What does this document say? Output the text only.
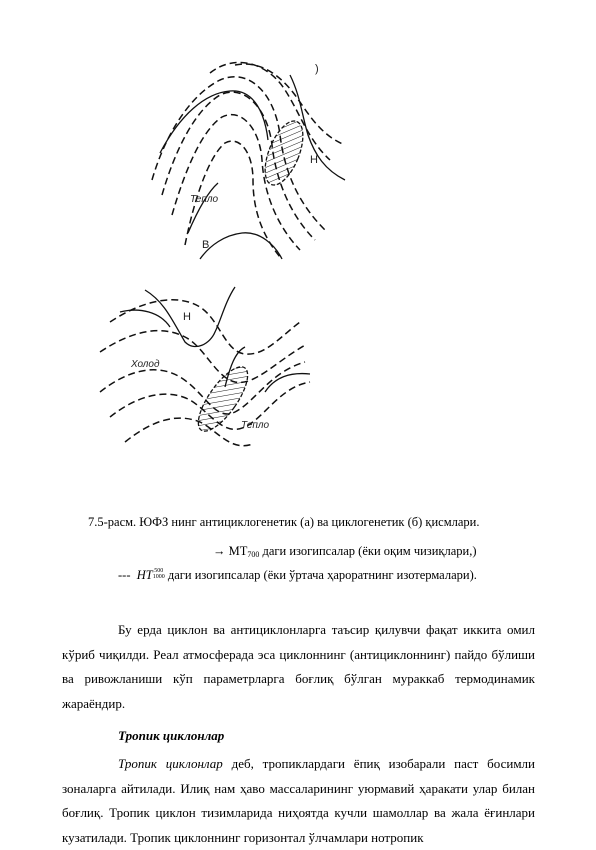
Тепло
Н
В
)
Холод
Тепло
Н
7.5-расм. ЮФЗ нинг антициклогенетик (а) ва циклогенетик (б) қисмлари.
→ $МТ_{700}$ даги изогипсалар (ёки оқим чизиқлари,)
--- НТ 500
1000 даги изогипсалар (ёки ўртача ҳароратнинг изотермалари).
Бу ерда циклон ва антициклонларга таъсир қилувчи фақат иккита омил кўриб чиқилди. Реал атмосферада эса циклоннинг (антициклоннинг) пайдо бўлиши ва ривожланиши кўп параметрларга боғлиқ бўлган мураккаб термодинамик жараёндир.
Тропик циклонлар
Тропик циклонлар деб, тропиклардаги ёпиқ изобарали паст босимли зоналарга айтилади. Илиқ нам ҳаво массаларининг уюрмавий ҳаракати улар билан боғлиқ. Тропик циклон тизимларида ниҳоятда кучли шамоллар ва жала ёғинлари кузатилади. Тропик циклоннинг горизонтал ўлчамлари нотропик
